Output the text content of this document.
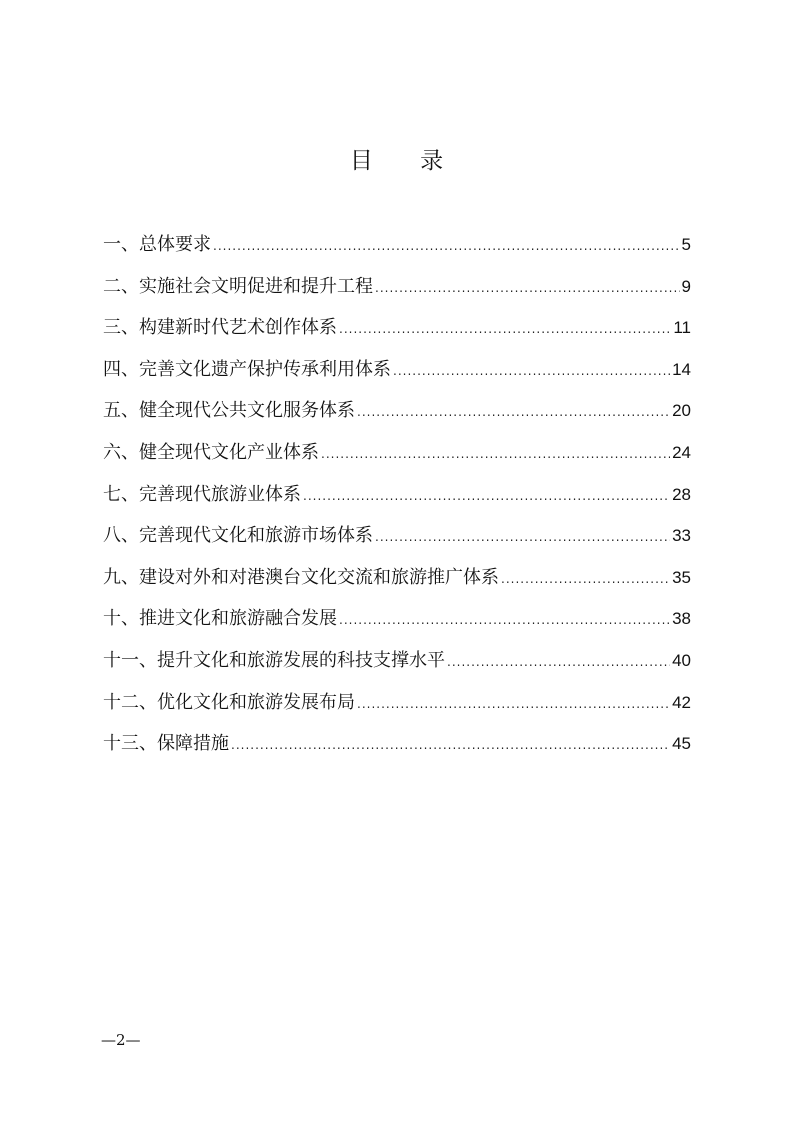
目 录
一、总体要求 .....	5
二、实施社会文明促进和提升工程 .....	9
三、构建新时代艺术创作体系 .....	11
四、完善文化遗产保护传承利用体系 .....	14
五、健全现代公共文化服务体系 .....	20
六、健全现代文化产业体系 .....	24
七、完善现代旅游业体系 .....	28
八、完善现代文化和旅游市场体系 .....	33
九、建设对外和对港澳台文化交流和旅游推广体系 .....	35
十、推进文化和旅游融合发展 .....	38
十一、提升文化和旅游发展的科技支撑水平 .....	40
十二、优化文化和旅游发展布局 .....	42
十三、保障措施 .....	45
—2—
